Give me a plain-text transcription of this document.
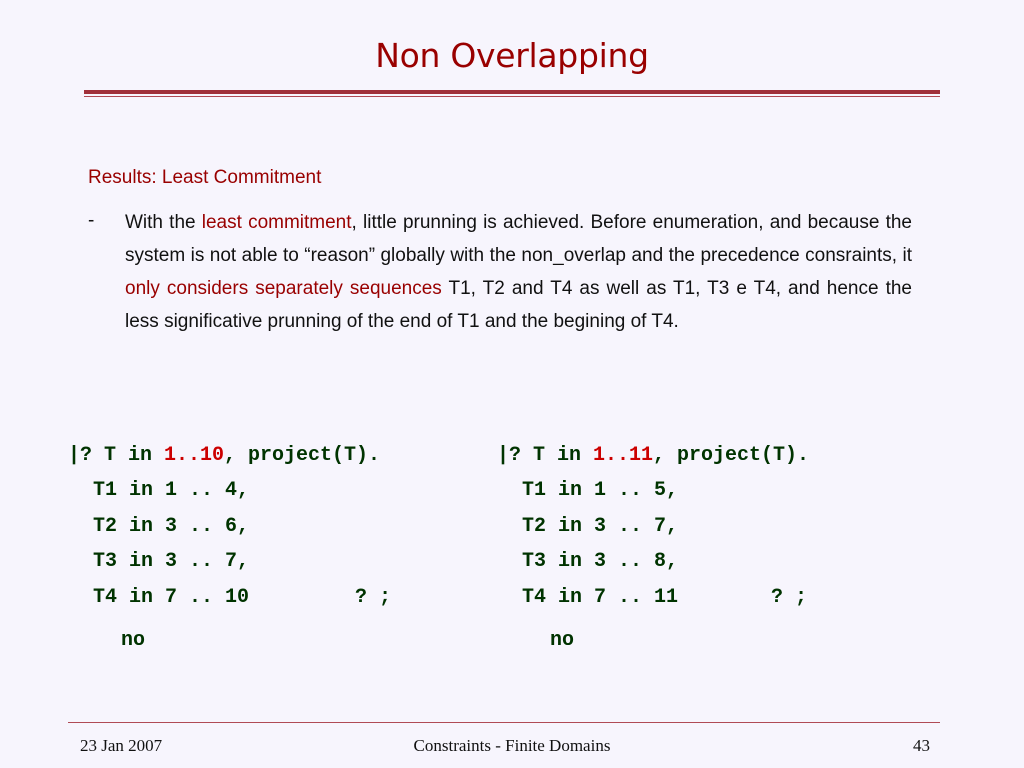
Non Overlapping
Results: Least Commitment
- With the least commitment, little prunning is achieved. Before enumeration, and because the system is not able to “reason” globally with the non_overlap and the precedence consraints, it only considers separately sequences T1, T2 and T4 as well as T1, T3 e T4, and hence the less significative prunning of the end of T1 and the begining of T4.
|? T in 1..10, project(T).
T1 in 1 .. 4,
T2 in 3 .. 6,
T3 in 3 .. 7,
T4 in 7 .. 10	? ;
no
|? T in 1..11, project(T).
T1 in 1 .. 5,
T2 in 3 .. 7,
T3 in 3 .. 8,
T4 in 7 .. 11	? ;
no
23 Jan 2007	Constraints - Finite Domains	43
